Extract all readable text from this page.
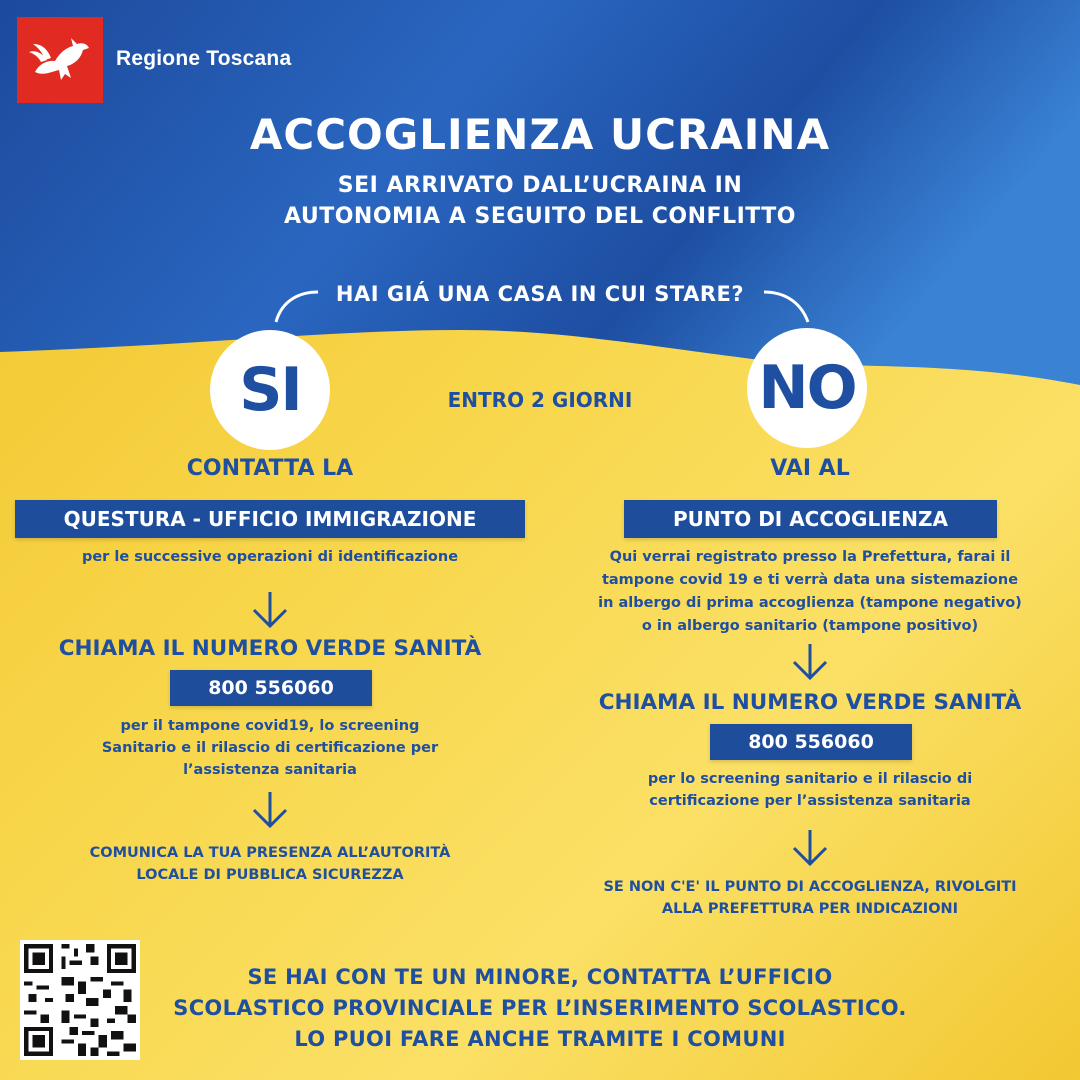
Regione Toscana
ACCOGLIENZA UCRAINA
SEI ARRIVATO DALL’UCRAINA IN
AUTONOMIA A SEGUITO DEL CONFLITTO
HAI GIÁ UNA CASA IN CUI STARE?
SI	NO
ENTRO 2 GIORNI
CONTATTA LA
QUESTURA - UFFICIO IMMIGRAZIONE
per le successive operazioni di identificazione
CHIAMA IL NUMERO VERDE SANITÀ
800 556060
per il tampone covid19, lo screening
Sanitario e il rilascio di certificazione per
l’assistenza sanitaria
COMUNICA LA TUA PRESENZA ALL’AUTORITÀ
LOCALE DI PUBBLICA SICUREZZA
VAI AL
PUNTO DI ACCOGLIENZA
Qui verrai registrato presso la Prefettura, farai il
tampone covid 19 e ti verrà data una sistemazione
in albergo di prima accoglienza (tampone negativo)
o in albergo sanitario (tampone positivo)
CHIAMA IL NUMERO VERDE SANITÀ
800 556060
per lo screening sanitario e il rilascio di
certificazione per l’assistenza sanitaria
SE NON C'E' IL PUNTO DI ACCOGLIENZA, RIVOLGITI
ALLA PREFETTURA PER INDICAZIONI
SE HAI CON TE UN MINORE, CONTATTA L’UFFICIO
SCOLASTICO PROVINCIALE PER L’INSERIMENTO SCOLASTICO.
LO PUOI FARE ANCHE TRAMITE I COMUNI
